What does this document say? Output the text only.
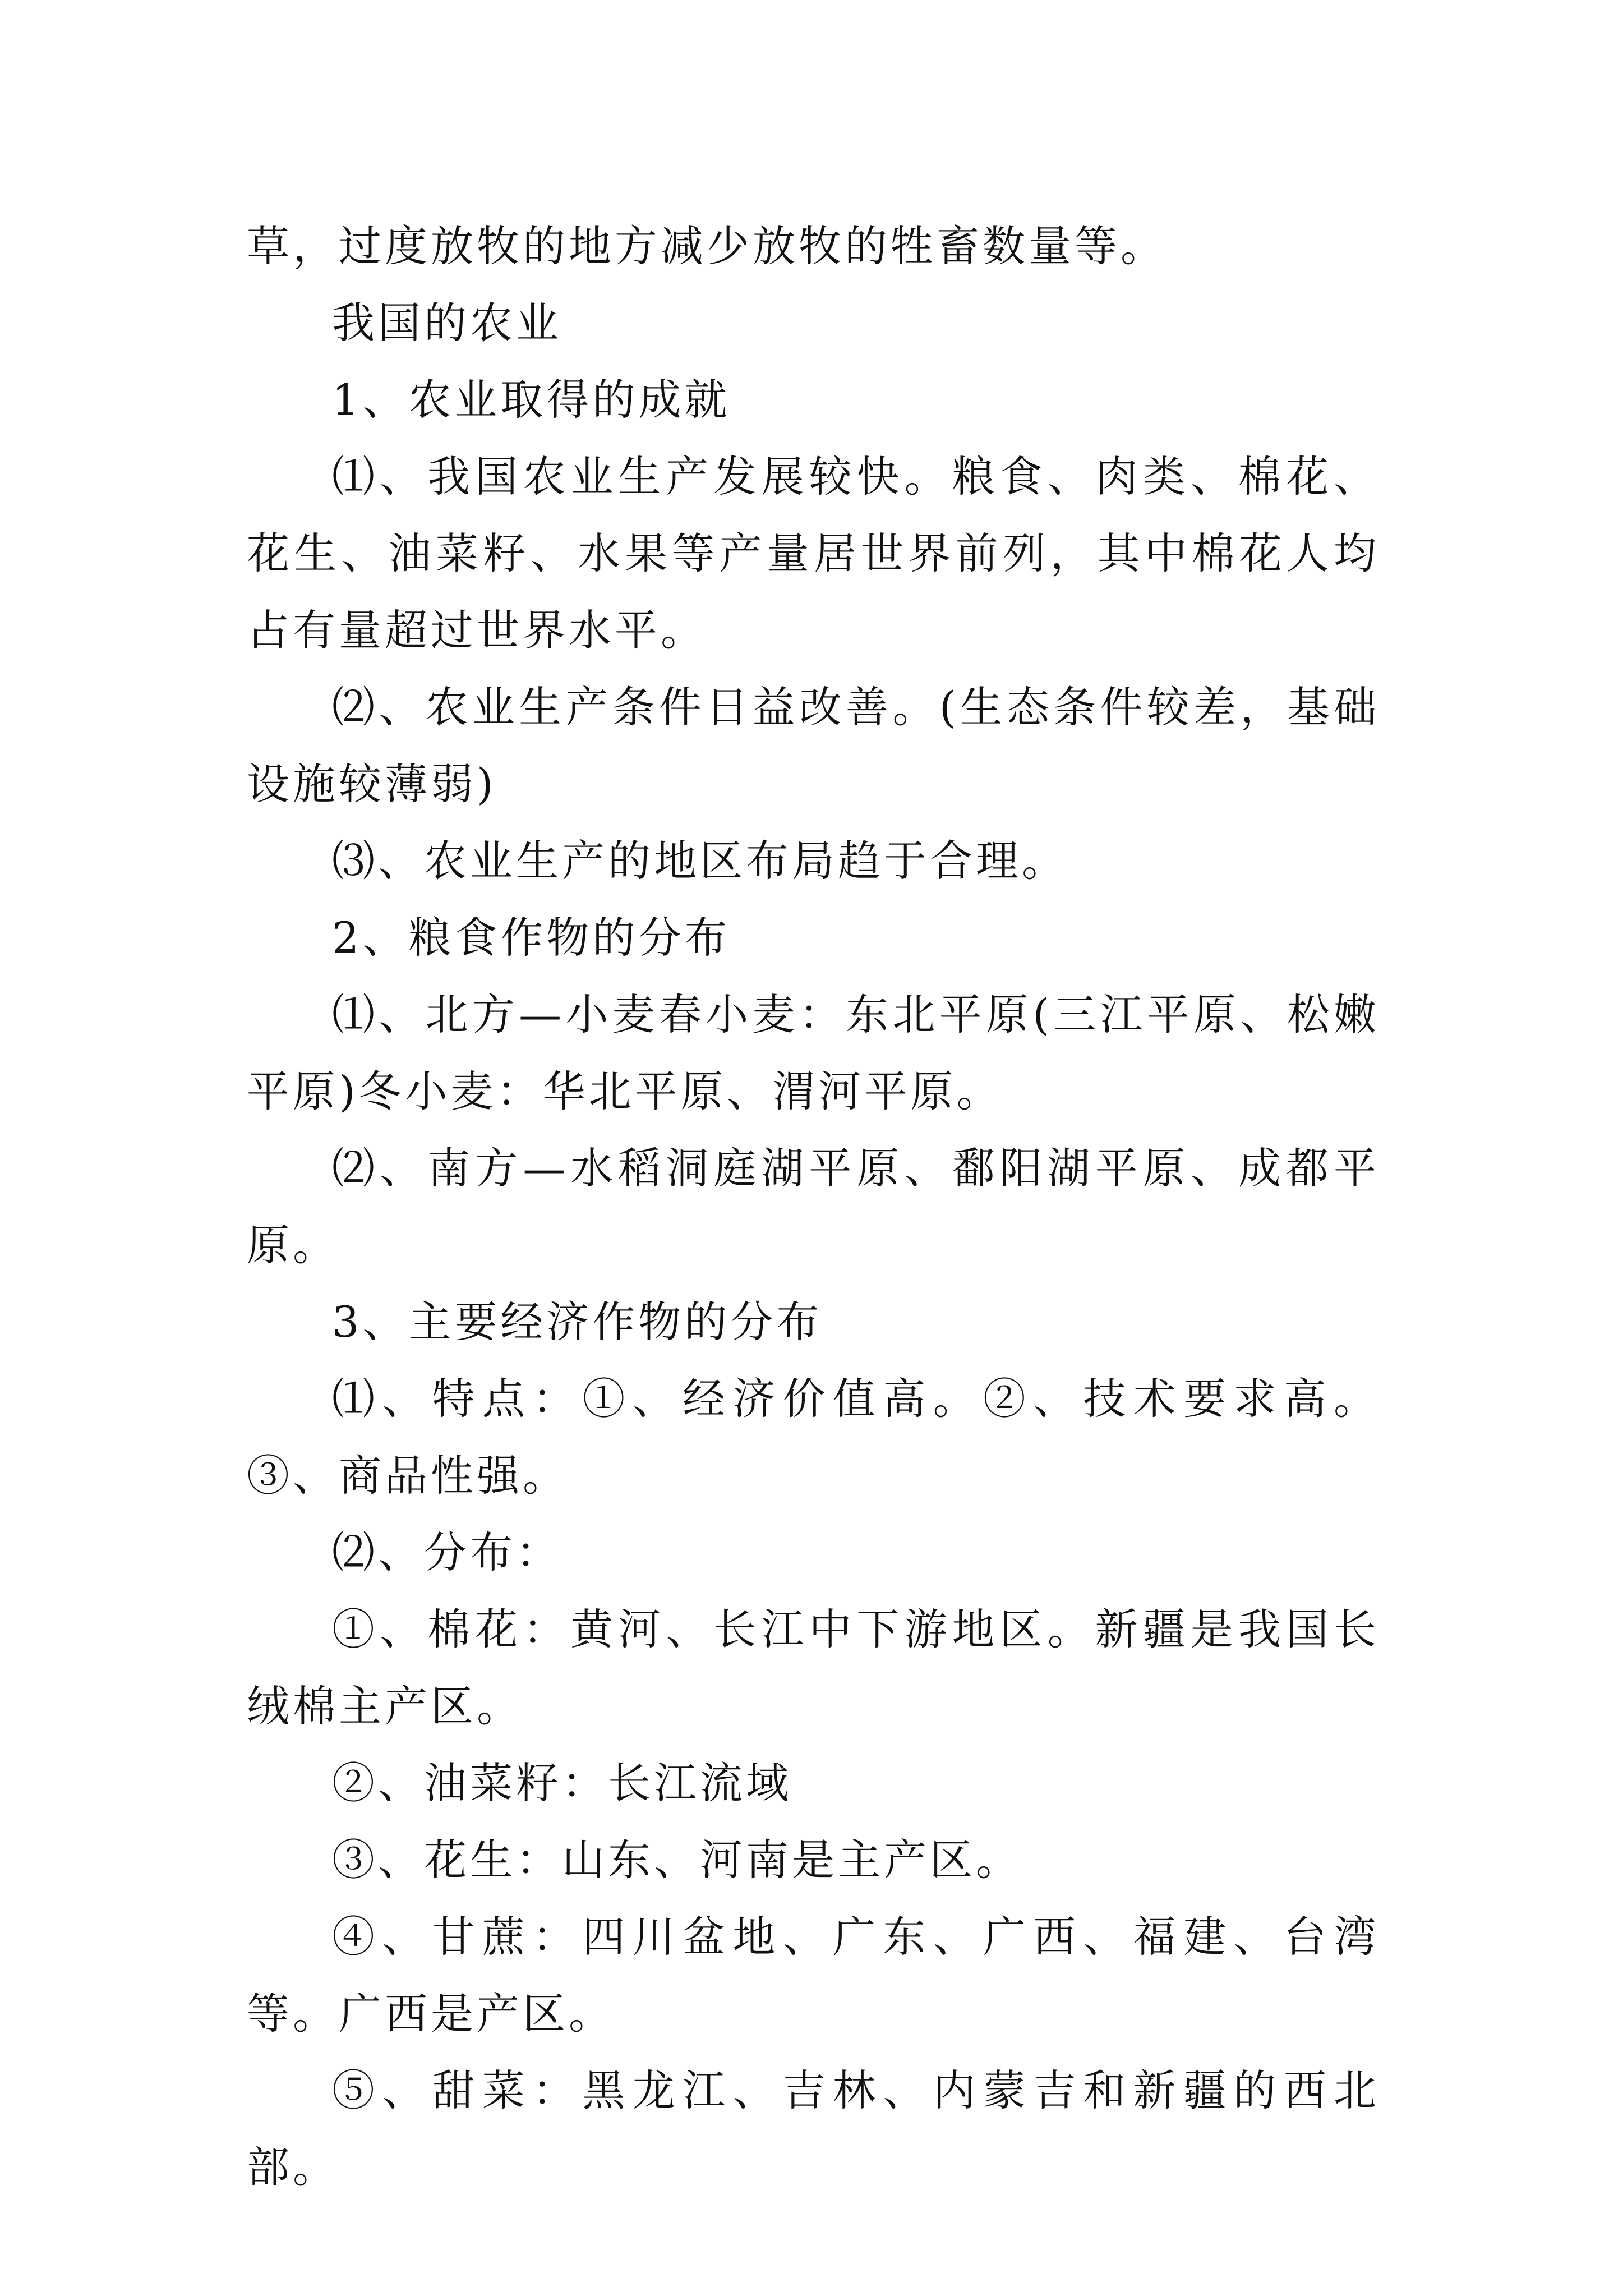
草，过度放牧的地方减少放牧的牲畜数量等。

我国的农业

1、农业取得的成就

⑴、我国农业生产发展较快。粮食、肉类、棉花、花生、油菜籽、水果等产量居世界前列，其中棉花人均占有量超过世界水平。

⑵、农业生产条件日益改善。(生态条件较差，基础设施较薄弱)

⑶、农业生产的地区布局趋于合理。

2、粮食作物的分布

⑴、北方—小麦春小麦：东北平原(三江平原、松嫩平原)冬小麦：华北平原、渭河平原。

⑵、南方—水稻洞庭湖平原、鄱阳湖平原、成都平原。

3、主要经济作物的分布

⑴、特点：①、经济价值高。②、技术要求高。③、商品性强。

⑵、分布：

①、棉花：黄河、长江中下游地区。新疆是我国长绒棉主产区。

②、油菜籽：长江流域

③、花生：山东、河南是主产区。

④、甘蔗：四川盆地、广东、广西、福建、台湾等。广西是产区。

⑤、甜菜：黑龙江、吉林、内蒙吉和新疆的西北部。
